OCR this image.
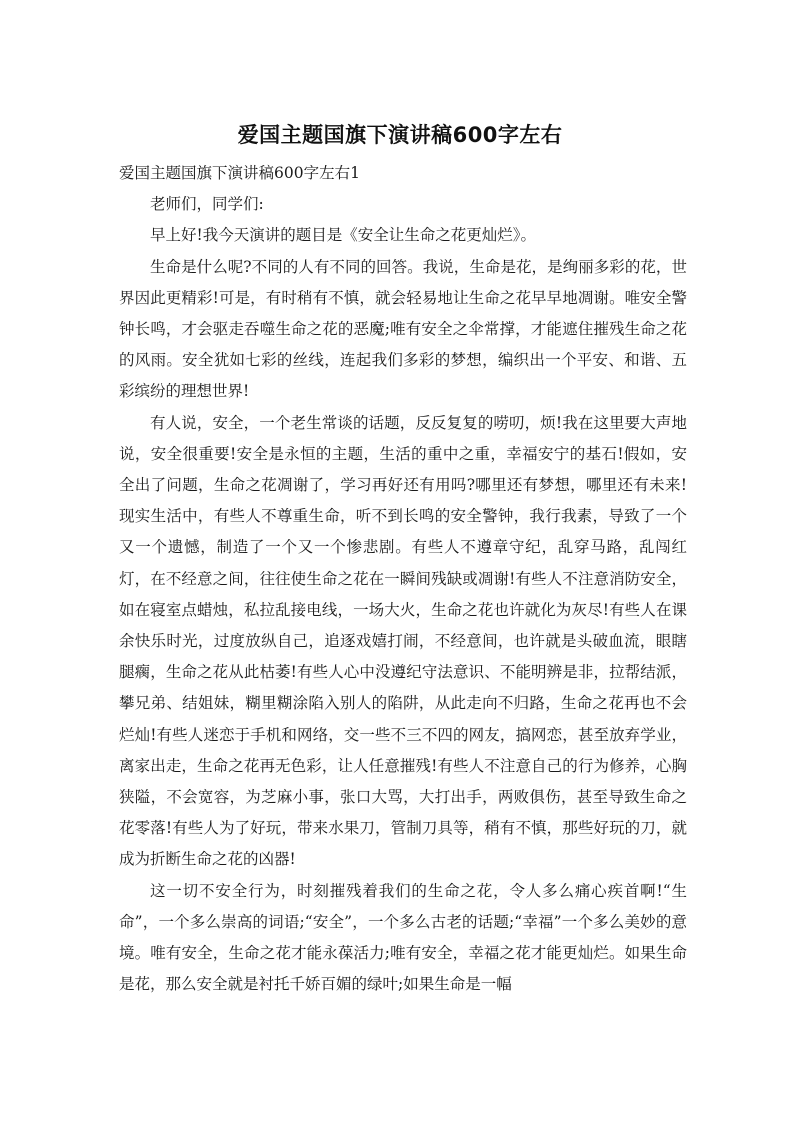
爱国主题国旗下演讲稿600字左右

爱国主题国旗下演讲稿600字左右1

老师们，同学们:

早上好!我今天演讲的题目是《安全让生命之花更灿烂》。

生命是什么呢?不同的人有不同的回答。我说，生命是花，是绚丽多彩的花，世界因此更精彩!可是，有时稍有不慎，就会轻易地让生命之花早早地凋谢。唯安全警钟长鸣，才会驱走吞噬生命之花的恶魔;唯有安全之伞常撑，才能遮住摧残生命之花的风雨。安全犹如七彩的丝线，连起我们多彩的梦想，编织出一个平安、和谐、五彩缤纷的理想世界!

有人说，安全，一个老生常谈的话题，反反复复的唠叨，烦!我在这里要大声地说，安全很重要!安全是永恒的主题，生活的重中之重，幸福安宁的基石!假如，安全出了问题，生命之花凋谢了，学习再好还有用吗?哪里还有梦想，哪里还有未来!现实生活中，有些人不尊重生命，听不到长鸣的安全警钟，我行我素，导致了一个又一个遗憾，制造了一个又一个惨悲剧。有些人不遵章守纪，乱穿马路，乱闯红灯，在不经意之间，往往使生命之花在一瞬间残缺或凋谢!有些人不注意消防安全，如在寝室点蜡烛，私拉乱接电线，一场大火，生命之花也许就化为灰尽!有些人在课余快乐时光，过度放纵自己，追逐戏嬉打闹，不经意间，也许就是头破血流，眼瞎腿瘸，生命之花从此枯萎!有些人心中没遵纪守法意识、不能明辨是非，拉帮结派，攀兄弟、结姐妹，糊里糊涂陷入别人的陷阱，从此走向不归路，生命之花再也不会烂灿!有些人迷恋于手机和网络，交一些不三不四的网友，搞网恋，甚至放弃学业，离家出走，生命之花再无色彩，让人任意摧残!有些人不注意自己的行为修养，心胸狭隘，不会宽容，为芝麻小事，张口大骂，大打出手，两败俱伤，甚至导致生命之花零落!有些人为了好玩，带来水果刀，管制刀具等，稍有不慎，那些好玩的刀，就成为折断生命之花的凶器!

这一切不安全行为，时刻摧残着我们的生命之花，令人多么痛心疾首啊!“生命”，一个多么崇高的词语;“安全”，一个多么古老的话题;“幸福”一个多么美妙的意境。唯有安全，生命之花才能永葆活力;唯有安全，幸福之花才能更灿烂。如果生命是花，那么安全就是衬托千娇百媚的绿叶;如果生命是一幅
